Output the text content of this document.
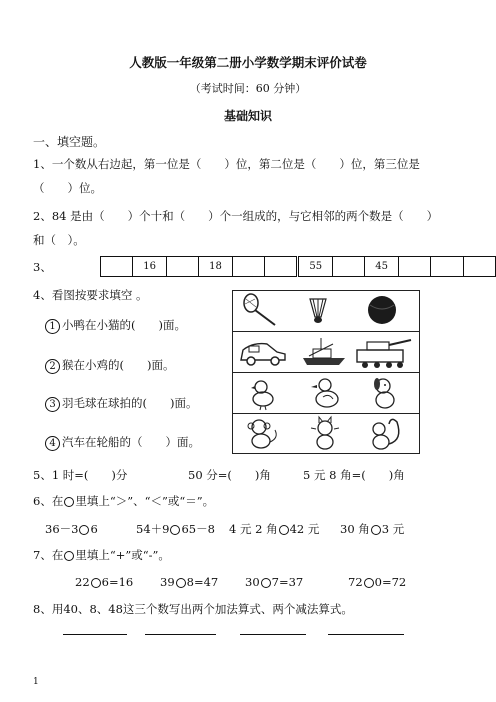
人教版一年级第二册小学数学期末评价试卷
（考试时间：60 分钟）
基础知识
一、填空题。
1、一个数从右边起，第一位是（　　）位，第二位是（　　）位，第三位是
（　　）位。
2、84 是由（　　）个十和（　　）个一组成的，与它相邻的两个数是（　　）
和（　）。
3、
		16		18			55		45			
4、看图按要求填空 。
1 小鸭在小猫的(　　)面。
2 猴在小鸡的(　　)面。
3 羽毛球在球拍的(　　)面。
4 汽车在轮船的（　　）面。
5、1 时=(　　)分	50 分=(　　)角	5 元 8 角=(　　)角
6、在 里填上“＞”、“＜”或“＝”。
36－3 6	54＋9 65－8 4 元 2 角 42 元 30 角 3 元
7、在 里填上“+”或“-”。
22 6=16 39 8=47 30 7=37	72 0=72
8、用40、8、48这三个数写出两个加法算式、两个减法算式。
1
